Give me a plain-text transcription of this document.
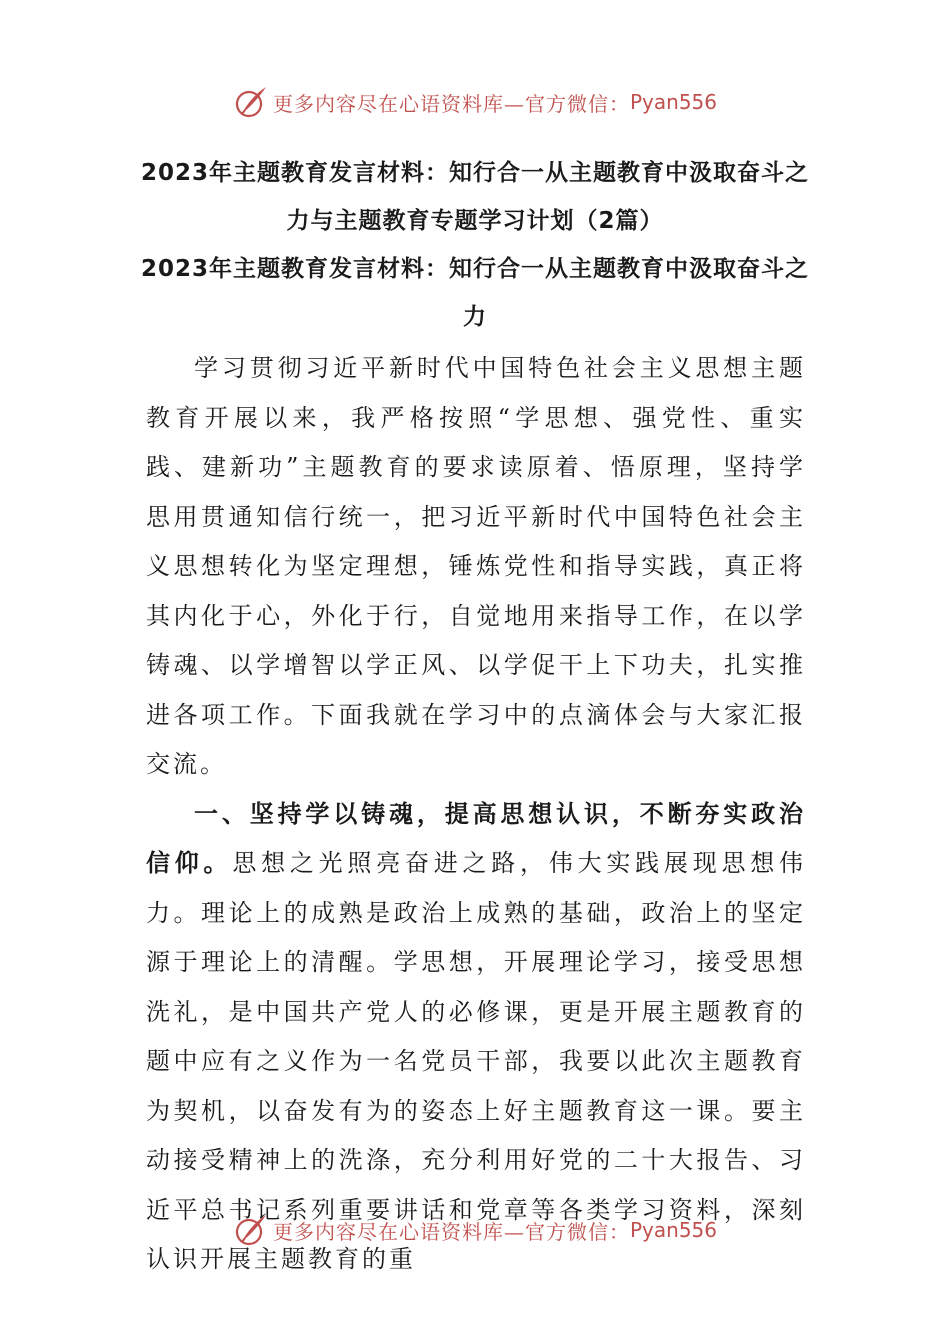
更多内容尽在心语资料库—官方微信： Pyan556
2023年主题教育发言材料：知行合一从主题教育中汲取奋斗之力与主题教育专题学习计划（2篇）
2023年主题教育发言材料：知行合一从主题教育中汲取奋斗之力

学习贯彻习近平新时代中国特色社会主义思想主题教育开展以来，我严格按照“学思想、强党性、重实践、建新功”主题教育的要求读原着、悟原理，坚持学思用贯通知信行统一，把习近平新时代中国特色社会主义思想转化为坚定理想，锤炼党性和指导实践，真正将其内化于心，外化于行，自觉地用来指导工作，在以学铸魂、以学增智以学正风、以学促干上下功夫，扎实推进各项工作。下面我就在学习中的点滴体会与大家汇报交流。

一、坚持学以铸魂，提高思想认识，不断夯实政治信仰。思想之光照亮奋进之路，伟大实践展现思想伟力。理论上的成熟是政治上成熟的基础，政治上的坚定源于理论上的清醒。学思想，开展理论学习，接受思想洗礼，是中国共产党人的必修课，更是开展主题教育的题中应有之义作为一名党员干部，我要以此次主题教育为契机，以奋发有为的姿态上好主题教育这一课。要主动接受精神上的洗涤，充分利用好党的二十大报告、习近平总书记系列重要讲话和党章等各类学习资料，深刻认识开展主题教育的重

更多内容尽在心语资料库—官方微信： Pyan556
